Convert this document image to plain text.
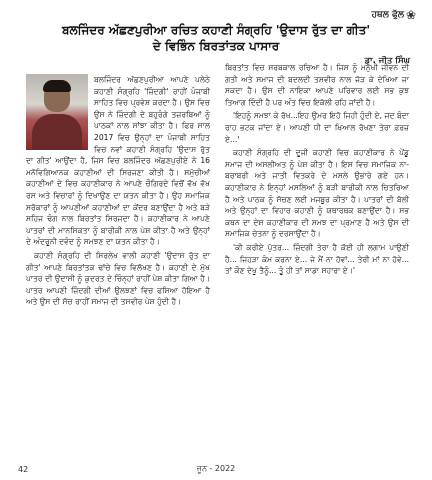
ਹਥਲ ਫੁੱਲ ❀
ਬਲਜਿੰਦਰ ਅੱਛਣਪੁਰੀਆ ਰਚਿਤ ਕਹਾਣੀ ਸੰਗ੍ਰਹਿ 'ਉਦਾਸ ਰੁੱਤ ਦਾ ਗੀਤ'
ਦੇ ਵਿਭਿੰਨ ਬਿਰਤਾਂਤਕ ਪਾਸਾਰ
ਡਾ. ਜੀਤ ਸਿੰਘ

ਬਲਜਿੰਦਰ ਅੱਛਣਪੁਰੀਆ ਆਪਣੇ ਪਲੇਠੇ ਕਹਾਣੀ ਸੰਗ੍ਰਹਿ 'ਜ਼ਿੰਦਗੀ' ਰਾਹੀਂ ਪੰਜਾਬੀ ਸਾਹਿਤ ਵਿਚ ਪ੍ਰਵੇਸ਼ ਕਰਦਾ ਹੈ। ਉਸ ਵਿਚ ਉਸ ਨੇ ਜ਼ਿੰਦਗੀ ਦੇ ਬਹੁਰੰਗੇ ਤਜ਼ਰਬਿਆਂ ਨੂੰ ਪਾਠਕਾਂ ਨਾਲ ਸਾਂਝਾ ਕੀਤਾ ਹੈ। ਫਿਰ ਸਾਲ 2017 ਵਿਚ ਉਨ੍ਹਾਂ ਦਾ ਪੰਜਾਬੀ ਸਾਹਿਤ ਵਿਚ ਨਵਾਂ ਕਹਾਣੀ ਸੰਗ੍ਰਹਿ 'ਉਦਾਸ ਰੁੱਤ ਦਾ ਗੀਤ' ਆਉਂਦਾ ਹੈ, ਜਿਸ ਵਿਚ ਬਲਜਿੰਦਰ ਅੱਛਣਪੁਰੀਏ ਨੇ 16 ਮਨੋਵਿਗਿਆਨਕ ਕਹਾਣੀਆਂ ਦੀ ਸਿਰਜਣਾ ਕੀਤੀ ਹੈ। ਸਮੁੱਚੀਆਂ ਕਹਾਣੀਆਂ ਦੇ ਵਿਚ ਕਹਾਣੀਕਾਰ ਨੇ ਆਪਣੇ ਚੌਗਿਰਦੇ ਵਿਚੋਂ ਵੱਖ ਵੱਖ ਰਸ ਅਤੇ ਵਿਚਾਰਾਂ ਨੂੰ ਦਿਖਾਉਣ ਦਾ ਯਤਨ ਕੀਤਾ ਹੈ। ਉਹ ਸਮਾਜਿਕ ਸਰੋਕਾਰਾਂ ਨੂੰ ਆਪਣੀਆਂ ਕਹਾਣੀਆਂ ਦਾ ਕੇਂਦਰ ਬਣਾਉਂਦਾ ਹੈ ਅਤੇ ਬੜੇ ਸਹਿਜ ਢੰਗ ਨਾਲ ਬਿਰਤਾਂਤ ਸਿਰਜਦਾ ਹੈ। ਕਹਾਣੀਕਾਰ ਨੇ ਆਪਣੇ ਪਾਤਰਾਂ ਦੀ ਮਾਨਸਿਕਤਾ ਨੂੰ ਬਾਰੀਕੀ ਨਾਲ ਪੇਸ਼ ਕੀਤਾ ਹੈ ਅਤੇ ਉਨ੍ਹਾਂ ਦੇ ਅੰਦਰੂਨੀ ਦਵੰਦ ਨੂੰ ਸਮਝਣ ਦਾ ਯਤਨ ਕੀਤਾ ਹੈ।

ਕਹਾਣੀ ਸੰਗ੍ਰਹਿ ਦੀ ਸਿਰਲੇਖ ਵਾਲੀ ਕਹਾਣੀ 'ਉਦਾਸ ਰੁੱਤ ਦਾ ਗੀਤ' ਆਪਣੇ ਬਿਰਤਾਂਤਕ ਢਾਂਚੇ ਵਿਚ ਵਿਲੱਖਣ ਹੈ। ਕਹਾਣੀ ਦੇ ਮੁੱਖ ਪਾਤਰ ਦੀ ਉਦਾਸੀ ਨੂੰ ਕੁਦਰਤ ਦੇ ਚਿੰਨ੍ਹਾਂ ਰਾਹੀਂ ਪੇਸ਼ ਕੀਤਾ ਗਿਆ ਹੈ। ਪਾਤਰ ਆਪਣੀ ਜ਼ਿੰਦਗੀ ਦੀਆਂ ਉਲਝਣਾਂ ਵਿਚ ਫਸਿਆ ਹੋਇਆ ਹੈ ਅਤੇ ਉਸ ਦੀ ਸੋਚ ਰਾਹੀਂ ਸਮਾਜ ਦੀ ਤਸਵੀਰ ਪੇਸ਼ ਹੁੰਦੀ ਹੈ।

ਬਿਰਤਾਂਤ ਵਿਚ ਸਰਬਕਾਲ ਰਚਿਆ ਹੈ। ਜਿਸ ਨੂੰ ਮਨੁੱਖੀ ਜੀਵਨ ਦੀ ਗਤੀ ਅਤੇ ਸਮਾਜ ਦੀ ਬਦਲਦੀ ਤਸਵੀਰ ਨਾਲ ਜੋੜ ਕੇ ਦੇਖਿਆ ਜਾ ਸਕਦਾ ਹੈ। ਉਸ ਦੀ ਨਾਇਕਾ ਆਪਣੇ ਪਰਿਵਾਰ ਲਈ ਸਭ ਕੁਝ ਤਿਆਗ ਦਿੰਦੀ ਹੈ ਪਰ ਅੰਤ ਵਿਚ ਇਕੱਲੀ ਰਹਿ ਜਾਂਦੀ ਹੈ।

'ਇਹਨੂੰ ਸਮਝਾ ਕੇ ਰੱਖ...ਇਹ ਉਮਰ ਇਹੋ ਜਿਹੀ ਹੁੰਦੀ ਏ, ਜਦ ਬੰਦਾ ਰਾਹ ਭਟਕ ਜਾਂਦਾ ਏ। ਆਪਣੀ ਧੀ ਦਾ ਖ਼ਿਆਲ ਰੱਖਣਾ ਤੇਰਾ ਫ਼ਰਜ਼ ਏ...'

ਕਹਾਣੀ ਸੰਗ੍ਰਹਿ ਦੀ ਦੂਜੀ ਕਹਾਣੀ ਵਿਚ ਕਹਾਣੀਕਾਰ ਨੇ ਪੇਂਡੂ ਸਮਾਜ ਦੀ ਅਸਲੀਅਤ ਨੂੰ ਪੇਸ਼ ਕੀਤਾ ਹੈ। ਇਸ ਵਿਚ ਸਮਾਜਿਕ ਨਾ-ਬਰਾਬਰੀ ਅਤੇ ਜਾਤੀ ਵਿਤਕਰੇ ਦੇ ਮਸਲੇ ਉਭਾਰੇ ਗਏ ਹਨ। ਕਹਾਣੀਕਾਰ ਨੇ ਇਨ੍ਹਾਂ ਮਸਲਿਆਂ ਨੂੰ ਬੜੀ ਬਾਰੀਕੀ ਨਾਲ ਚਿਤਰਿਆ ਹੈ ਅਤੇ ਪਾਠਕ ਨੂੰ ਸੋਚਣ ਲਈ ਮਜਬੂਰ ਕੀਤਾ ਹੈ। ਪਾਤਰਾਂ ਦੀ ਬੋਲੀ ਅਤੇ ਉਨ੍ਹਾਂ ਦਾ ਵਿਹਾਰ ਕਹਾਣੀ ਨੂੰ ਯਥਾਰਥਕ ਬਣਾਉਂਦਾ ਹੈ। ਸਭ ਕਥਨ ਦਾ ਦੇਸ਼ ਕਹਾਣੀਕਾਰ ਦੀ ਸਮਝ ਦਾ ਪ੍ਰਮਾਣ ਹੈ ਅਤੇ ਉਸ ਦੀ ਸਮਾਜਿਕ ਚੇਤਨਾ ਨੂੰ ਦਰਸਾਉਂਦਾ ਹੈ।

'ਕੀ ਕਰੀਏ ਪੁੱਤਰ... ਜ਼ਿੰਦਗੀ ਤੇਰਾ ਹੈ ਕੋਈ ਹੀ ਲਗਾਮ ਪਾਉਣੀ ਹੈ... ਜਿਹੜਾ ਕੰਮ ਕਰਨਾ ਏ... ਜੇ ਮੈਂ ਨਾ ਹੋਵਾਂ... ਤੇਰੀ ਮਾਂ ਨਾ ਹੋਵੇ... ਤਾਂ ਕੌਣ ਦੇਖੂ ਤੈਨੂੰ... ਤੂੰ ਹੀ ਤਾਂ ਸਾਡਾ ਸਹਾਰਾ ਏ।'

42	ਜੂਨ - 2022
